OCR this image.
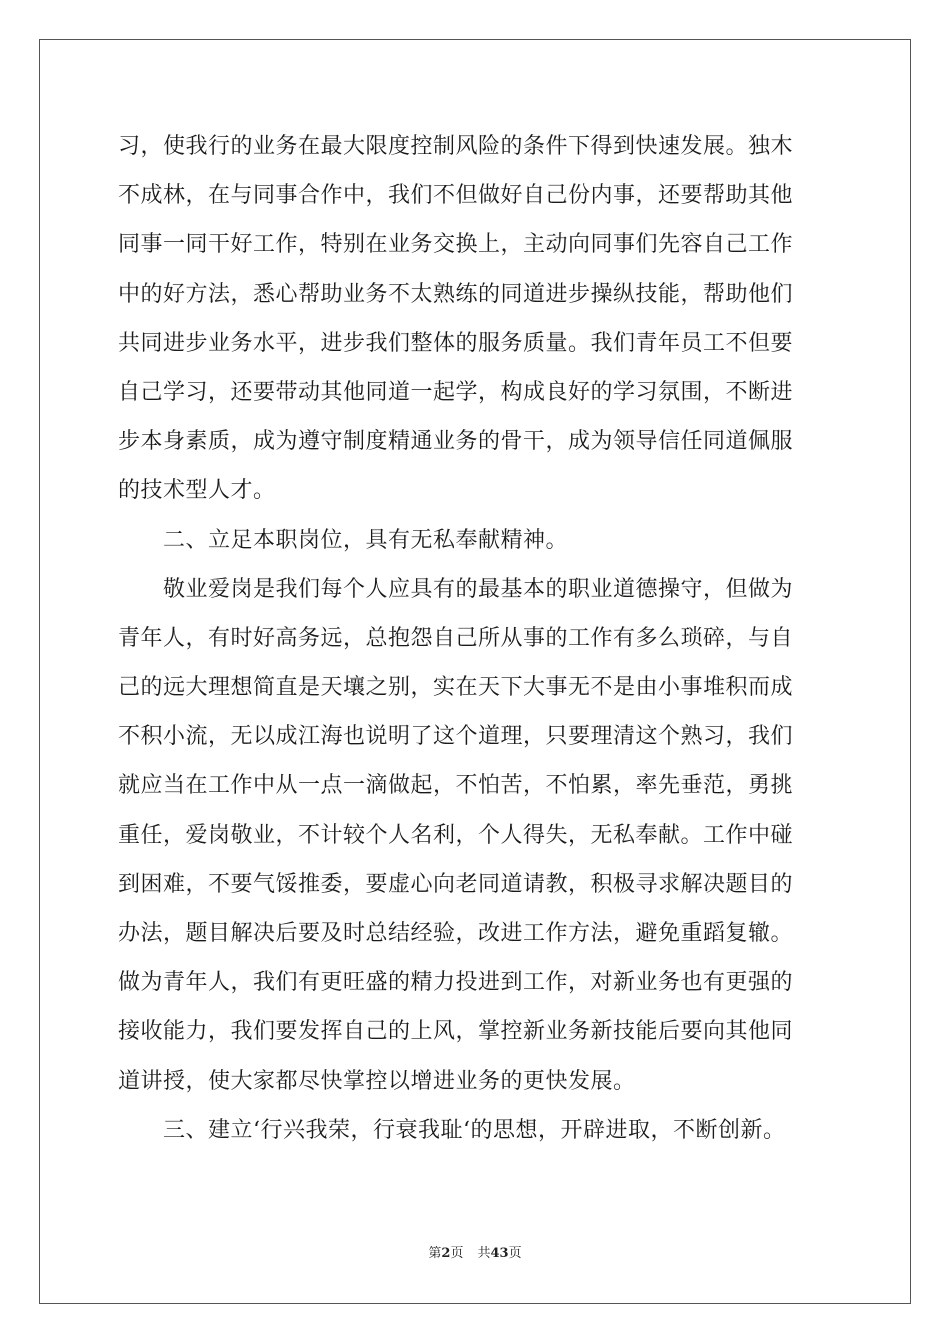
习，使我行的业务在最大限度控制风险的条件下得到快速发展。独木
不成林，在与同事合作中，我们不但做好自己份内事，还要帮助其他
同事一同干好工作，特别在业务交换上，主动向同事们先容自己工作
中的好方法，悉心帮助业务不太熟练的同道进步操纵技能，帮助他们
共同进步业务水平，进步我们整体的服务质量。我们青年员工不但要
自己学习，还要带动其他同道一起学，构成良好的学习氛围，不断进
步本身素质，成为遵守制度精通业务的骨干，成为领导信任同道佩服
的技术型人才。
　　二、立足本职岗位，具有无私奉献精神。
　　敬业爱岗是我们每个人应具有的最基本的职业道德操守，但做为
青年人，有时好高务远，总抱怨自己所从事的工作有多么琐碎，与自
己的远大理想简直是天壤之别，实在天下大事无不是由小事堆积而成
不积小流，无以成江海也说明了这个道理，只要理清这个熟习，我们
就应当在工作中从一点一滴做起，不怕苦，不怕累，率先垂范，勇挑
重任，爱岗敬业，不计较个人名利，个人得失，无私奉献。工作中碰
到困难，不要气馁推委，要虚心向老同道请教，积极寻求解决题目的
办法，题目解决后要及时总结经验，改进工作方法，避免重蹈复辙。
做为青年人，我们有更旺盛的精力投进到工作，对新业务也有更强的
接收能力，我们要发挥自己的上风，掌控新业务新技能后要向其他同
道讲授，使大家都尽快掌控以增进业务的更快发展。
　　三、建立‘行兴我荣，行衰我耻‘的思想，开辟进取，不断创新。
第2页 共43页
